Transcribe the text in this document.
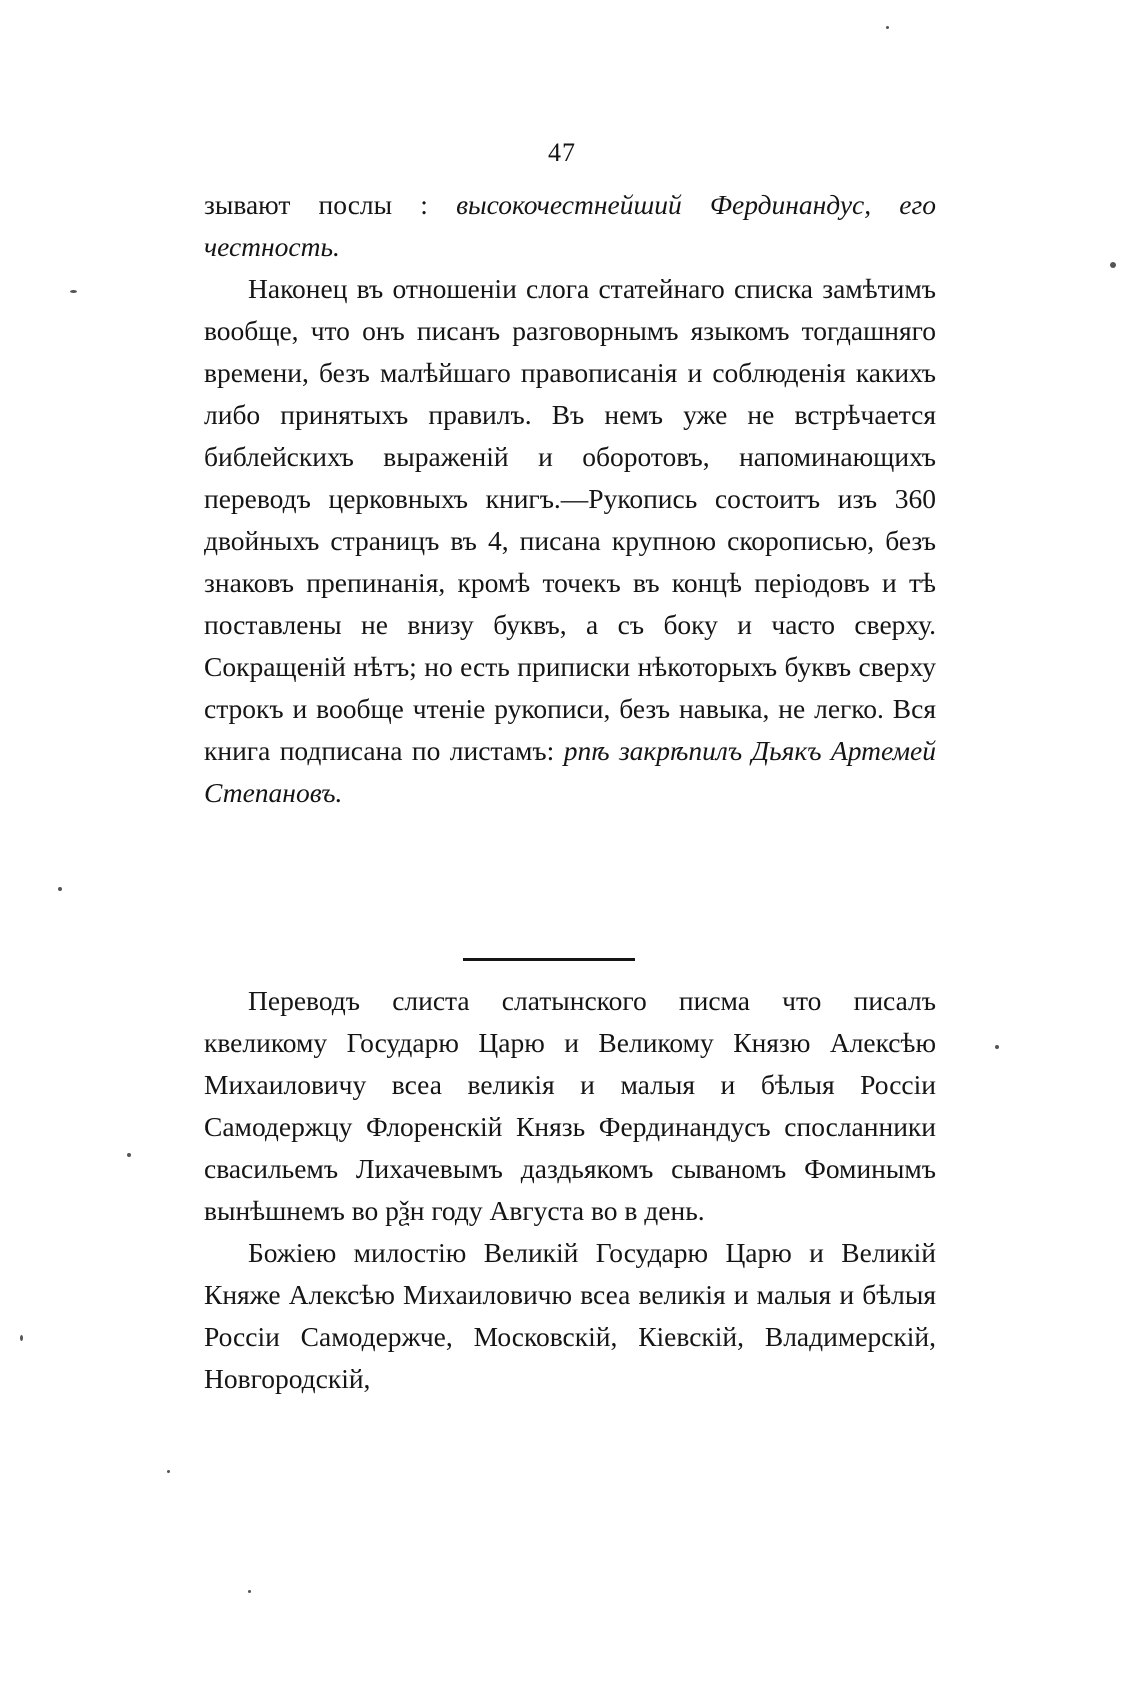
47

зывают послы : высокочестнейший Фердинандус, его честность.

Наконец въ отношеніи слога статейнаго списка замѣтимъ вообще, что онъ писанъ разговорнымъ языкомъ тогдашняго времени, безъ малѣйшаго правописанія и соблюденія какихъ либо принятыхъ правилъ. Въ немъ уже не встрѣчается библейскихъ выраженій и оборотовъ, напоминающихъ переводъ церковныхъ книгъ.—Рукопись состоитъ изъ 360 двойныхъ страницъ въ 4, писана крупною скорописью, безъ знаковъ препинанія, кромѣ точекъ въ концѣ періодовъ и тѣ поставлены не внизу буквъ, а съ боку и часто сверху. Сокращеній нѣтъ; но есть приписки нѣкоторыхъ буквъ сверху строкъ и вообще чтеніе рукописи, безъ навыка, не легко. Вся книга подписана по листамъ: рпѣ закрѣпилъ Дьякъ Артемей Степановъ.

Переводъ слиста слатынского писма что писалъ квеликому Государю Царю и Великому Князю Алексѣю Михаиловичу всеа великія и малыя и бѣлыя Россіи Самодержцу Флоренскій Князь Фердинандусъ спосланники свасильемъ Лихачевымъ даздьякомъ сываномъ Фоминымъ вынѣшнемъ во рѯн году Августа во в день.

Божіею милостію Великій Государю Царю и Великій Княже Алексѣю Михаиловичю всеа великія и малыя и бѣлыя Россіи Самодержче, Московскій, Кіевскій, Владимерскій, Новгородскій,
